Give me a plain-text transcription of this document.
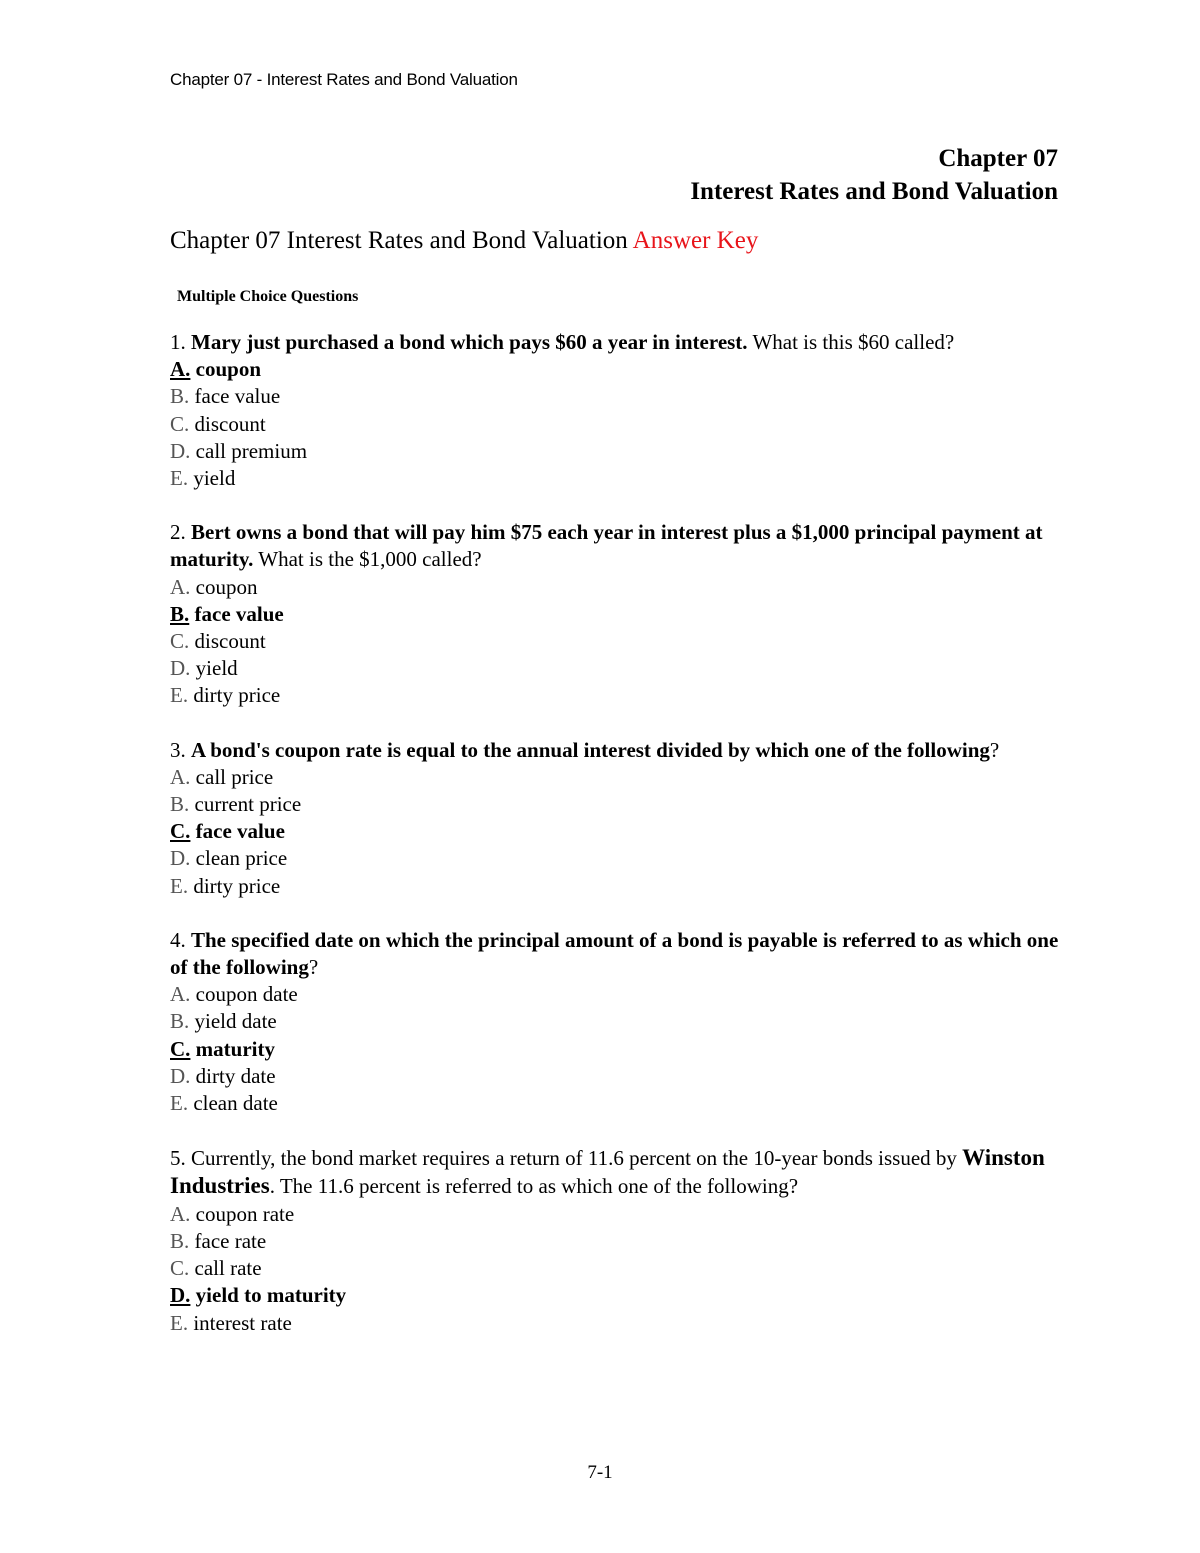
Chapter 07 - Interest Rates and Bond Valuation
Chapter 07
Interest Rates and Bond Valuation
Chapter 07 Interest Rates and Bond Valuation Answer Key
Multiple Choice Questions

1. Mary just purchased a bond which pays $60 a year in interest. What is this $60 called?

A. coupon

B. face value

C. discount

D. call premium

E. yield

2. Bert owns a bond that will pay him $75 each year in interest plus a $1,000 principal payment at maturity. What is the $1,000 called?

A. coupon

B. face value

C. discount

D. yield

E. dirty price

3. A bond's coupon rate is equal to the annual interest divided by which one of the following?

A. call price

B. current price

C. face value

D. clean price

E. dirty price

4. The specified date on which the principal amount of a bond is payable is referred to as which one of the following?

A. coupon date

B. yield date

C. maturity

D. dirty date

E. clean date

5. Currently, the bond market requires a return of 11.6 percent on the 10-year bonds issued by Winston Industries. The 11.6 percent is referred to as which one of the following?

A. coupon rate

B. face rate

C. call rate

D. yield to maturity

E. interest rate

7-1
